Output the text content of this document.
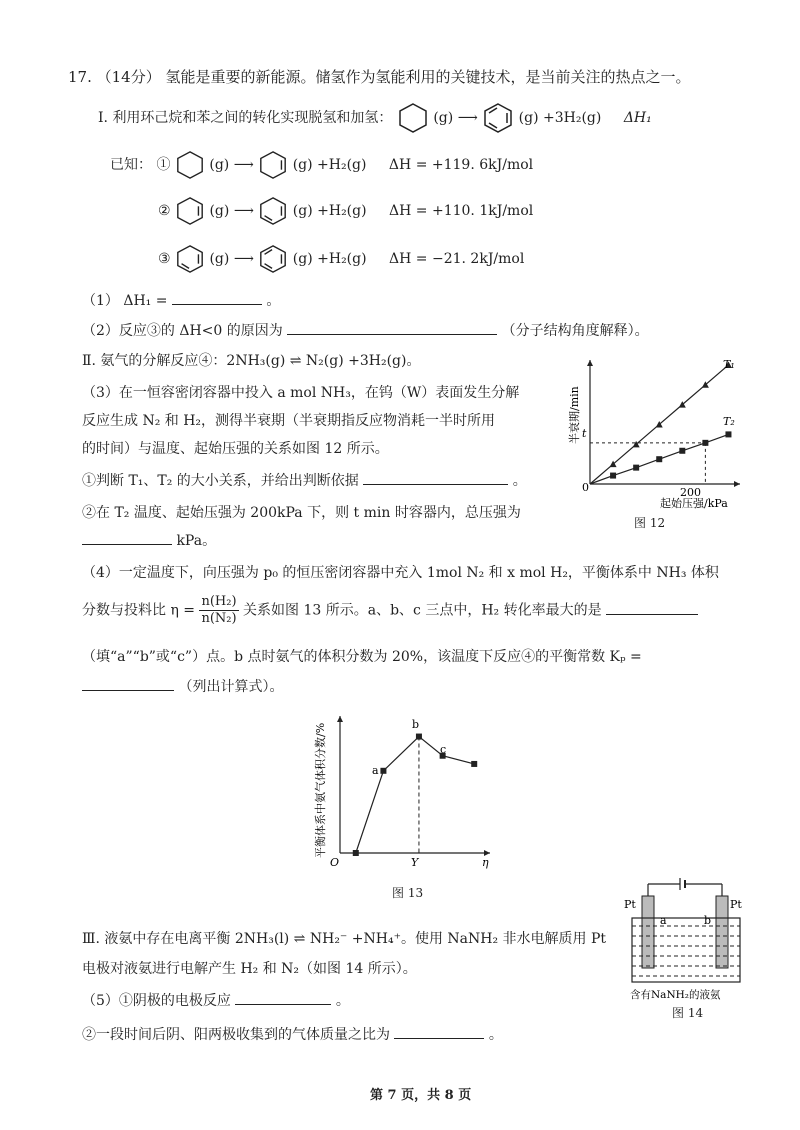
17. （14分） 氢能是重要的新能源。储氢作为氢能利用的关键技术，是当前关注的热点之一。
Ⅰ. 利用环己烷和苯之间的转化实现脱氢和加氢：	(g) ⟶	(g) +3H₂(g) ΔH₁
已知： ①	(g) ⟶	(g) +H₂(g) ΔH = +119. 6kJ/mol
②	(g) ⟶	(g) +H₂(g) ΔH = +110. 1kJ/mol
③	(g) ⟶	(g) +H₂(g) ΔH = −21. 2kJ/mol
（1） ΔH₁ =	。
（2）反应③的 ΔH<0 的原因为	（分子结构角度解释）。
Ⅱ. 氨气的分解反应④：2NH₃(g) ⇌ N₂(g) +3H₂(g)。
（3）在一恒容密闭容器中投入 a mol NH₃，在钨（W）表面发生分解
反应生成 N₂ 和 H₂，测得半衰期（半衰期指反应物消耗一半时所用
的时间）与温度、起始压强的关系如图 12 所示。
①判断 T₁、T₂ 的大小关系，并给出判断依据	。
②在 T₂ 温度、起始压强为 200kPa 下，则 t min 时容器内，总压强为
kPa。
半衰期/min
0
t
200
起始压强/kPa
T₁
T₂
图 12
（4）一定温度下，向压强为 p₀ 的恒压密闭容器中充入 1mol N₂ 和 x mol H₂，平衡体系中 NH₃ 体积
分数与投料比 $\eta = \frac{\text{n(H₂)}}{\text{n(N₂)}}$ 关系如图 13 所示。a、b、c 三点中，H₂ 转化率最大的是
（填“a”“b”或“c”）点。b 点时氨气的体积分数为 20%，该温度下反应④的平衡常数 Kₚ =
（列出计算式）。
平衡体系中氨气体积分数/%
O	Y	η
a
b
c
图 13
Ⅲ. 液氨中存在电离平衡 2NH₃(l) ⇌ NH₂⁻ +NH₄⁺。使用 NaNH₂ 非水电解质用 Pt
电极对液氨进行电解产生 H₂ 和 N₂（如图 14 所示）。
（5）①阴极的电极反应	。
②一段时间后阴、阳两极收集到的气体质量之比为	。
Pt	Pt
a	b
含有NaNH₂的液氨
图 14
第 7 页，共 8 页
